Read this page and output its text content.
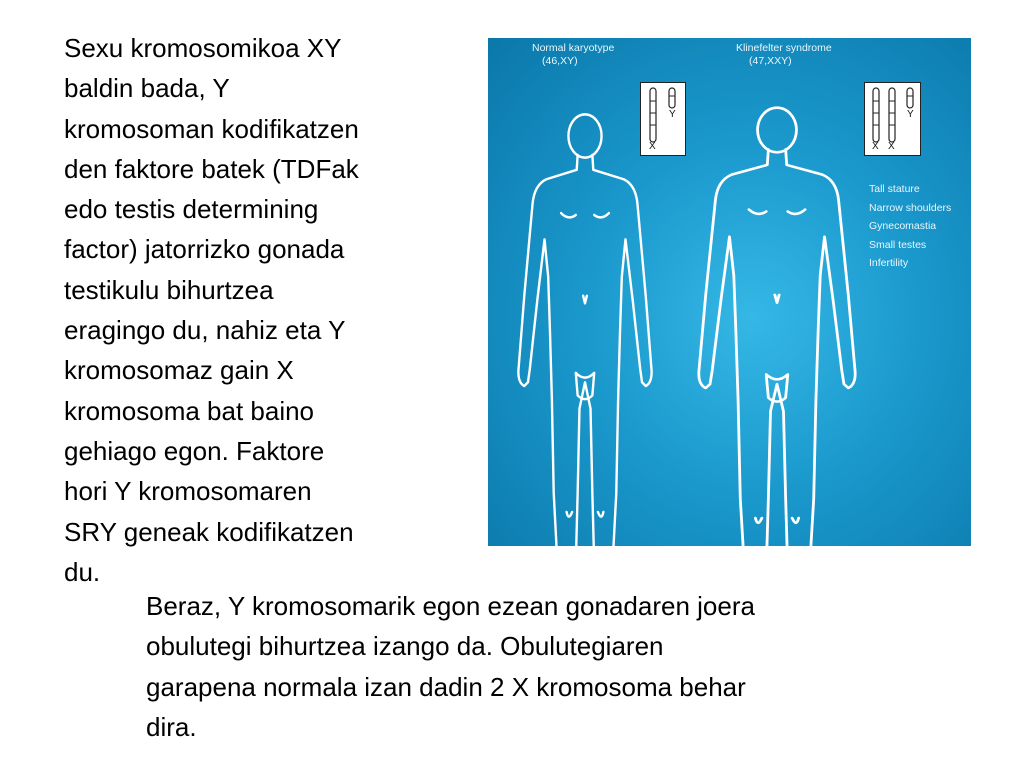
Sexu kromosomikoa XY
baldin bada, Y
kromosoman kodifikatzen
den faktore batek (TDFak
edo testis determining
factor) jatorrizko gonada
testikulu bihurtzea
eragingo du, nahiz eta Y
kromosomaz gain X
kromosoma bat baino
gehiago egon. Faktore
hori Y kromosomaren
SRY geneak kodifikatzen
du.

Normal karyotype
(46,XY)
Klinefelter syndrome
(47,XXY)
X
Y
X X
Y
Tall stature
Narrow shoulders
Gynecomastia
Small testes
Infertility

Beraz, Y kromosomarik egon ezean gonadaren joera
obulutegi bihurtzea izango da. Obulutegiaren
garapena normala izan dadin 2 X kromosoma behar
dira.
